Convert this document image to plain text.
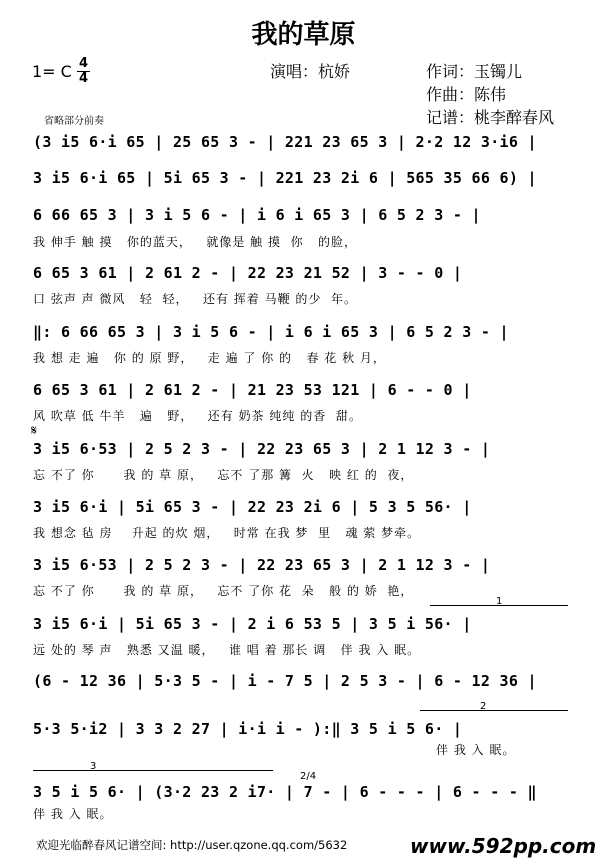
我的草原
1= C 4
4	演唱：杭娇	作词：玉镯儿
作曲：陈伟
记谱：桃李醉春风
省略部分前奏
(3 i5 6·i 65 | 25 65 3 - | 221 23 65 3 | 2·2 12 3·i6 |
3 i5 6·i 65 | 5i 65 3 - | 221 23 2i 6 | 565 35 66 6) |
6 66 65 3 | 3 i 5 6 - | i 6 i 65 3 | 6 5 2 3 - |
我 伸手 触 摸   你的蓝天，   就像是 触 摸  你   的脸，
6 65 3 61 | 2 61 2 - | 22 23 21 52 | 3 - - 0 |
口 弦声 声 微风   轻  轻，   还有 挥着 马鞭 的少  年。
‖: 6 66 65 3 | 3 i 5 6 - | i 6 i 65 3 | 6 5 2 3 - |
我 想 走 遍   你 的 原 野，   走 遍 了 你 的   春 花 秋 月，
6 65 3 61 | 2 61 2 - | 21 23 53 121 | 6 - - 0 |
风 吹草 低 牛羊   遍   野，   还有 奶茶 纯纯 的香  甜。
𝄋
3 i5 6·53 | 2 5 2 3 - | 22 23 65 3 | 2 1 12 3 - |
忘 不了 你      我 的 草 原，   忘不 了那 篝  火   映 红 的  夜，
3 i5 6·i | 5i 65 3 - | 22 23 2i 6 | 5 3 5 56· |
我 想念 毡 房    升起 的炊 烟，   时常 在我 梦  里   魂 萦 梦牵。
3 i5 6·53 | 2 5 2 3 - | 22 23 65 3 | 2 1 12 3 - |
忘 不了 你      我 的 草 原，   忘不 了你 花  朵   般 的 娇  艳，
1
3 i5 6·i | 5i 65 3 - | 2 i 6 53 5 | 3 5 i 56· |
远 处的 琴 声   熟悉 又温 暖，   谁 唱 着 那长 调   伴 我 入 眠。
(6 - 12 36 | 5·3 5 - | i - 7 5 | 2 5 3 - | 6 - 12 36 |
2
5·3 5·i2 | 3 3 2 27 | i·i i - ):‖ 3 5 i 5 6· |
伴 我 入 眠。
3
2/4
3 5 i 5 6· | (3·2 23 2 i7· | 7 - | 6 - - - | 6 - - - ‖
伴 我 入 眠。
欢迎光临醉春风记谱空间: http://user.qzone.qq.com/5632	www.592pp.com
